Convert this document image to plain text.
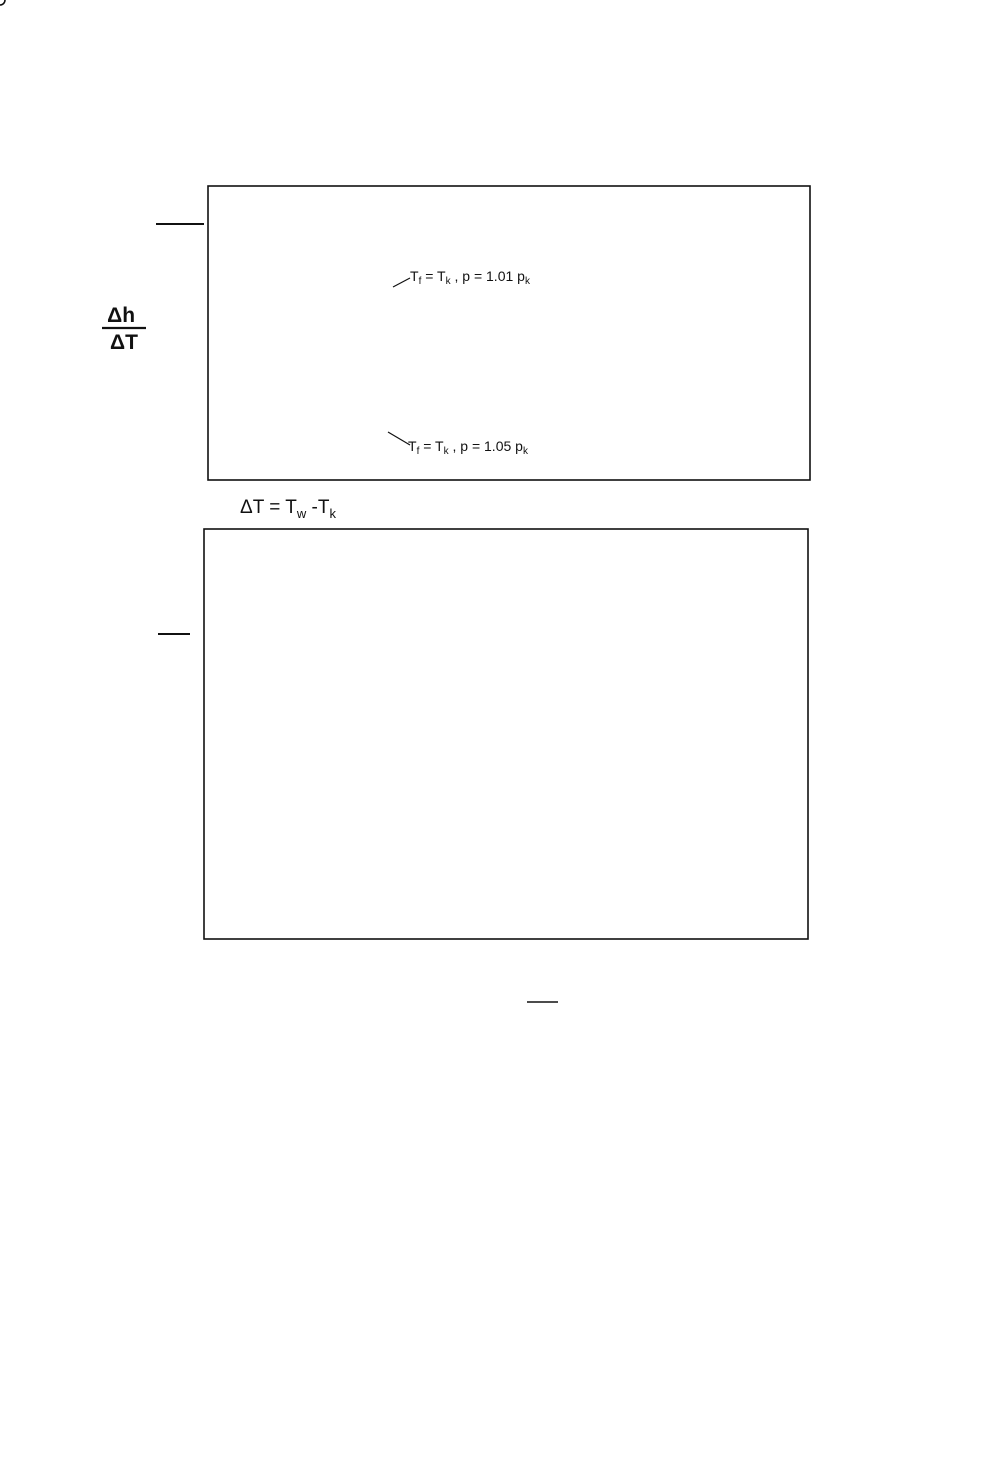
Δh ΔT
$\Delta T = T_w$ $-T_k$
$T_f = T_k$ , p = 1.01 $p_k$
$T_f = T_k$ , p = 1.05 $p_k$
